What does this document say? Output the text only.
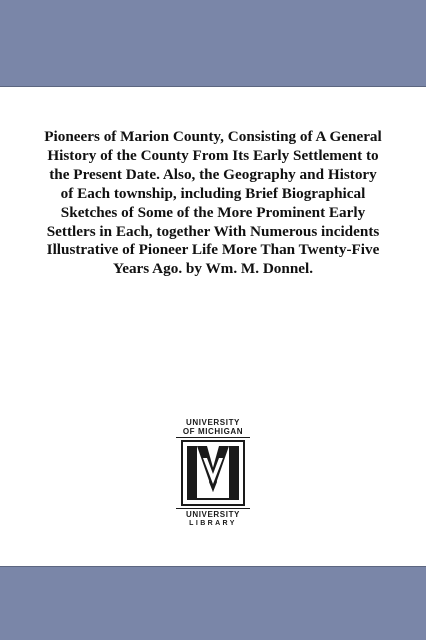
Pioneers of Marion County, Consisting of A General History of the County From Its Early Settlement to the Present Date. Also, the Geography and History of Each township, including Brief Biographical Sketches of Some of the More Prominent Early Settlers in Each, together With Numerous incidents Illustrative of Pioneer Life More Than Twenty-Five Years Ago. by Wm. M. Donnel.
UNIVERSITY
OF MICHIGAN
UNIVERSITY
LIBRARY
